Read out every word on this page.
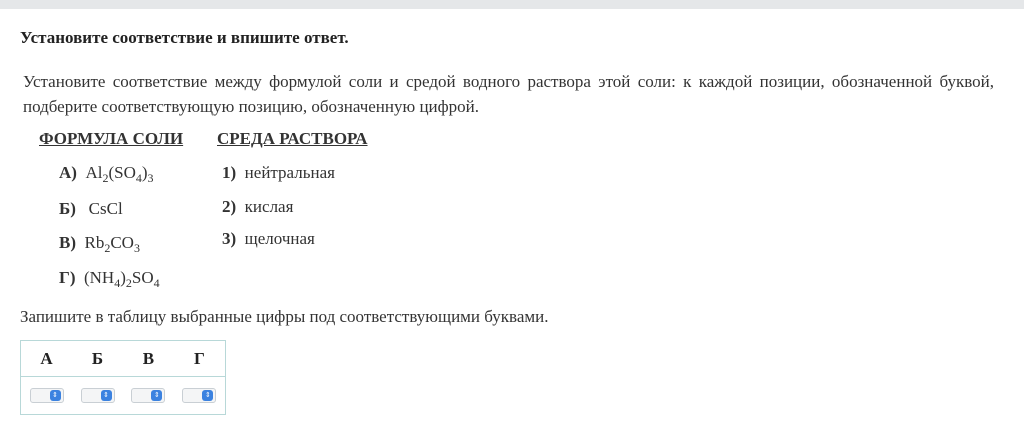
Установите соответствие и впишите ответ.
Установите соответствие между формулой соли и средой водного раствора этой соли: к каждой позиции, обозначенной буквой, подберите соответствующую позицию, обозначенную цифрой.
ФОРМУЛА СОЛИ СРЕДА РАСТВОРА
А) $Al_2(SO_4)_3$
Б) CsCl
В) $Rb_2CO_3$
Г) $(NH_4)_2SO_4$
1) нейтральная
2) кислая
3) щелочная
Запишите в таблицу выбранные цифры под соответствующими буквами.
А	Б	В	Г

⇕	⇕	⇕	⇕
